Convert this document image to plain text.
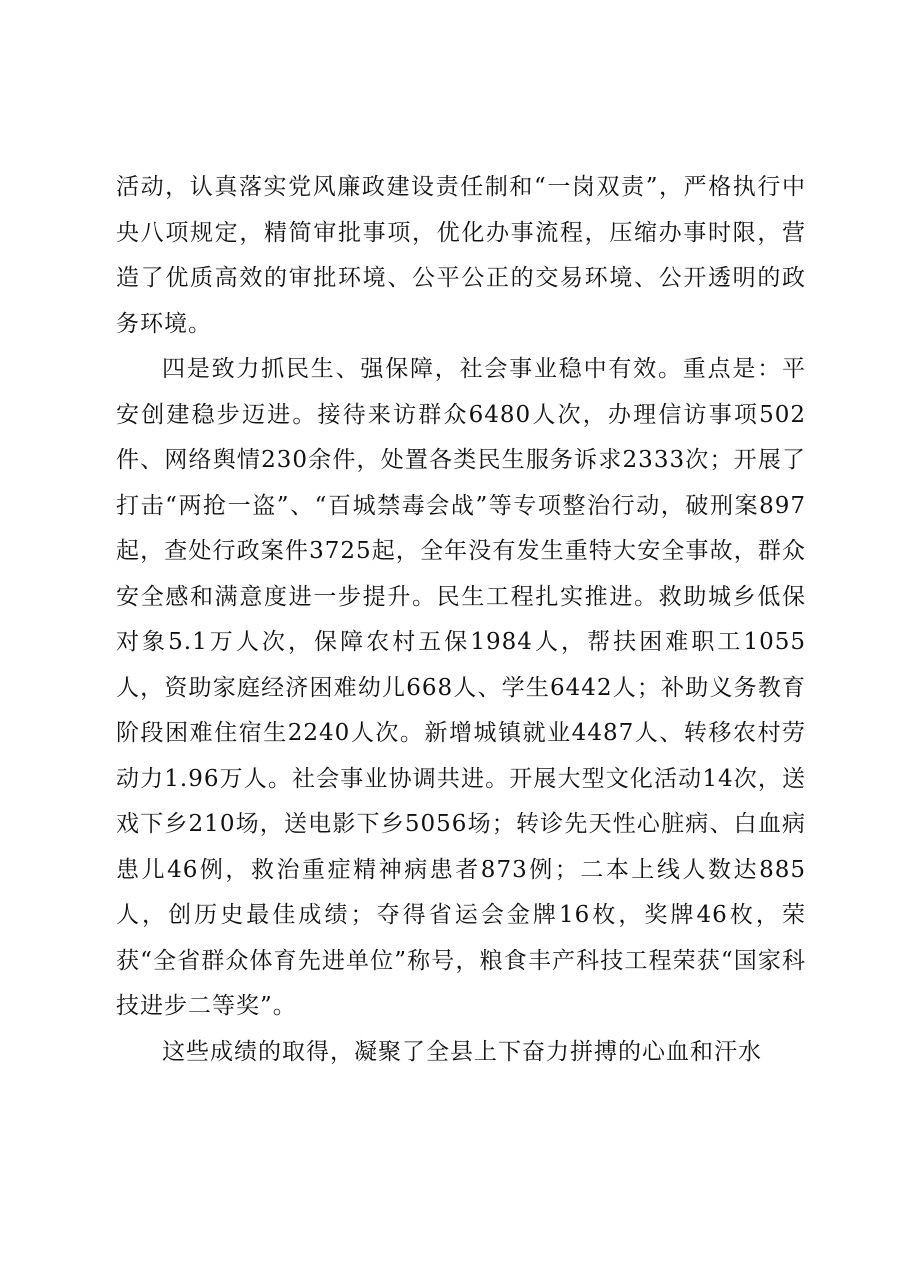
活动，认真落实党风廉政建设责任制和“一岗双责”，严格执行中央八项规定，精简审批事项，优化办事流程，压缩办事时限，营造了优质高效的审批环境、公平公正的交易环境、公开透明的政务环境。

四是致力抓民生、强保障，社会事业稳中有效。重点是：平安创建稳步迈进。接待来访群众6480人次，办理信访事项502件、网络舆情230余件，处置各类民生服务诉求2333次；开展了打击“两抢一盗”、“百城禁毒会战”等专项整治行动，破刑案897起，查处行政案件3725起，全年没有发生重特大安全事故，群众安全感和满意度进一步提升。民生工程扎实推进。救助城乡低保对象5.1万人次，保障农村五保1984人，帮扶困难职工1055人，资助家庭经济困难幼儿668人、学生6442人；补助义务教育阶段困难住宿生2240人次。新增城镇就业4487人、转移农村劳动力1.96万人。社会事业协调共进。开展大型文化活动14次，送戏下乡210场，送电影下乡5056场；转诊先天性心脏病、白血病患儿46例，救治重症精神病患者873例；二本上线人数达885人，创历史最佳成绩；夺得省运会金牌16枚，奖牌46枚，荣获“全省群众体育先进单位”称号，粮食丰产科技工程荣获“国家科技进步二等奖”。

这些成绩的取得，凝聚了全县上下奋力拼搏的心血和汗水
